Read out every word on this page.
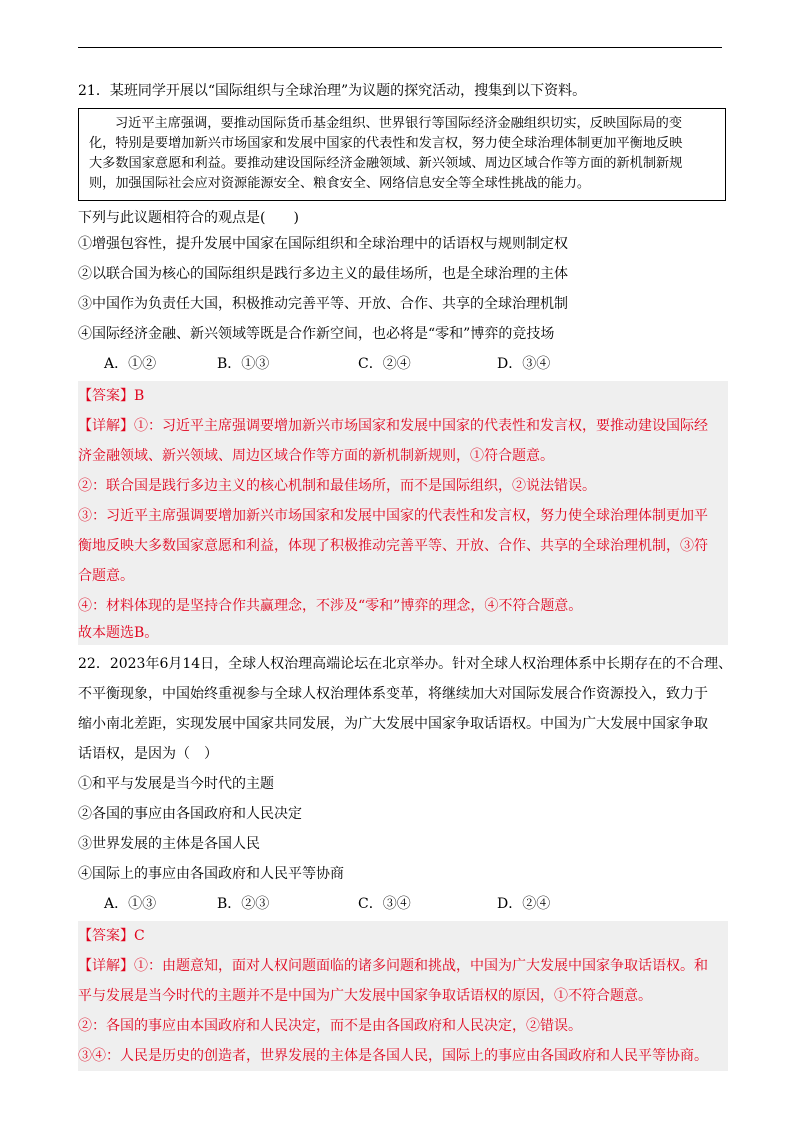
21．某班同学开展以“国际组织与全球治理”为议题的探究活动，搜集到以下资料。
习近平主席强调，要推动国际货币基金组织、世界银行等国际经济金融组织切实，反映国际局的变
化，特别是要增加新兴市场国家和发展中国家的代表性和发言权，努力使全球治理体制更加平衡地反映
大多数国家意愿和利益。要推动建设国际经济金融领域、新兴领域、周边区域合作等方面的新机制新规
则，加强国际社会应对资源能源安全、粮食安全、网络信息安全等全球性挑战的能力。
下列与此议题相符合的观点是(　　)
①增强包容性，提升发展中国家在国际组织和全球治理中的话语权与规则制定权
②以联合国为核心的国际组织是践行多边主义的最佳场所，也是全球治理的主体
③中国作为负责任大国，积极推动完善平等、开放、合作、共享的全球治理机制
④国际经济金融、新兴领域等既是合作新空间，也必将是“零和”博弈的竞技场
A．①②	B．①③	C．②④	D．③④
【答案】B
【详解】①：习近平主席强调要增加新兴市场国家和发展中国家的代表性和发言权，要推动建设国际经
济金融领域、新兴领域、周边区域合作等方面的新机制新规则，①符合题意。
②：联合国是践行多边主义的核心机制和最佳场所，而不是国际组织，②说法错误。
③：习近平主席强调要增加新兴市场国家和发展中国家的代表性和发言权，努力使全球治理体制更加平
衡地反映大多数国家意愿和利益，体现了积极推动完善平等、开放、合作、共享的全球治理机制，③符
合题意。
④：材料体现的是坚持合作共赢理念，不涉及“零和”博弈的理念，④不符合题意。
故本题选B。
22．2023年6月14日，全球人权治理高端论坛在北京举办。针对全球人权治理体系中长期存在的不合理、
不平衡现象，中国始终重视参与全球人权治理体系变革，将继续加大对国际发展合作资源投入，致力于
缩小南北差距，实现发展中国家共同发展，为广大发展中国家争取话语权。中国为广大发展中国家争取
话语权，是因为（　）
①和平与发展是当今时代的主题
②各国的事应由各国政府和人民决定
③世界发展的主体是各国人民
④国际上的事应由各国政府和人民平等协商
A．①③	B．②③	C．③④	D．②④
【答案】C
【详解】①：由题意知，面对人权问题面临的诸多问题和挑战，中国为广大发展中国家争取话语权。和
平与发展是当今时代的主题并不是中国为广大发展中国家争取话语权的原因，①不符合题意。
②：各国的事应由本国政府和人民决定，而不是由各国政府和人民决定，②错误。
③④：人民是历史的创造者，世界发展的主体是各国人民，国际上的事应由各国政府和人民平等协商。
